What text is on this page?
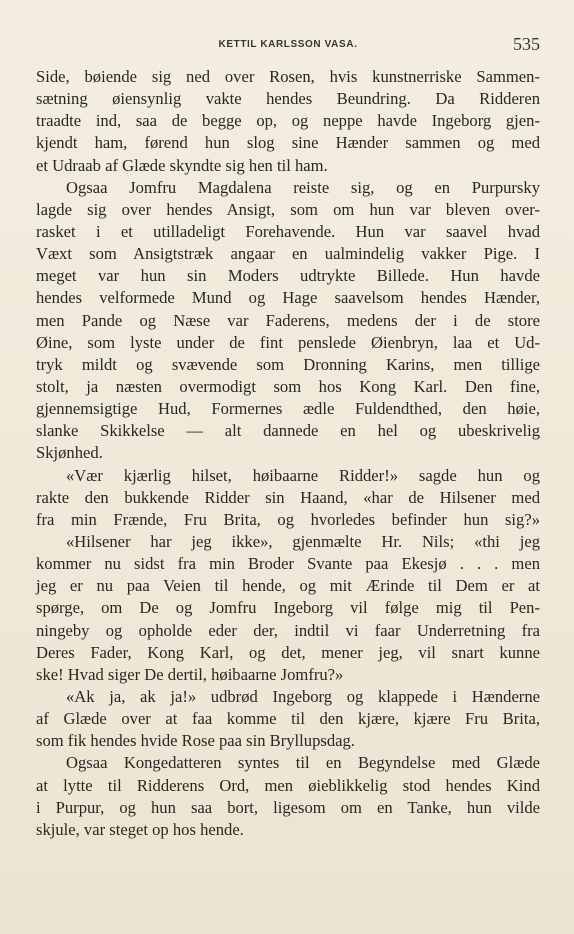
KETTIL KARLSSON VASA.	535
Side, bøiende sig ned over Rosen, hvis kunstnerriske Sammen-
sætning øiensynlig vakte hendes Beundring. Da Ridderen
traadte ind, saa de begge op, og neppe havde Ingeborg gjen-
kjendt ham, førend hun slog sine Hænder sammen og med
et Udraab af Glæde skyndte sig hen til ham.
Ogsaa Jomfru Magdalena reiste sig, og en Purpursky
lagde sig over hendes Ansigt, som om hun var bleven over-
rasket i et utilladeligt Forehavende. Hun var saavel hvad
Væxt som Ansigtstræk angaar en ualmindelig vakker Pige. I
meget var hun sin Moders udtrykte Billede. Hun havde
hendes velformede Mund og Hage saavelsom hendes Hænder,
men Pande og Næse var Faderens, medens der i de store
Øine, som lyste under de fint penslede Øienbryn, laa et Ud-
tryk mildt og svævende som Dronning Karins, men tillige
stolt, ja næsten overmodigt som hos Kong Karl. Den fine,
gjennemsigtige Hud, Formernes ædle Fuldendthed, den høie,
slanke Skikkelse — alt dannede en hel og ubeskrivelig
Skjønhed.
«Vær kjærlig hilset, høibaarne Ridder!» sagde hun og
rakte den bukkende Ridder sin Haand, «har de Hilsener med
fra min Frænde, Fru Brita, og hvorledes befinder hun sig?»
«Hilsener har jeg ikke», gjenmælte Hr. Nils; «thi jeg
kommer nu sidst fra min Broder Svante paa Ekesjø . . . men
jeg er nu paa Veien til hende, og mit Ærinde til Dem er at
spørge, om De og Jomfru Ingeborg vil følge mig til Pen-
ningeby og opholde eder der, indtil vi faar Underretning fra
Deres Fader, Kong Karl, og det, mener jeg, vil snart kunne
ske! Hvad siger De dertil, høibaarne Jomfru?»
«Ak ja, ak ja!» udbrød Ingeborg og klappede i Hænderne
af Glæde over at faa komme til den kjære, kjære Fru Brita,
som fik hendes hvide Rose paa sin Bryllupsdag.
Ogsaa Kongedatteren syntes til en Begyndelse med Glæde
at lytte til Ridderens Ord, men øieblikkelig stod hendes Kind
i Purpur, og hun saa bort, ligesom om en Tanke, hun vilde
skjule, var steget op hos hende.
